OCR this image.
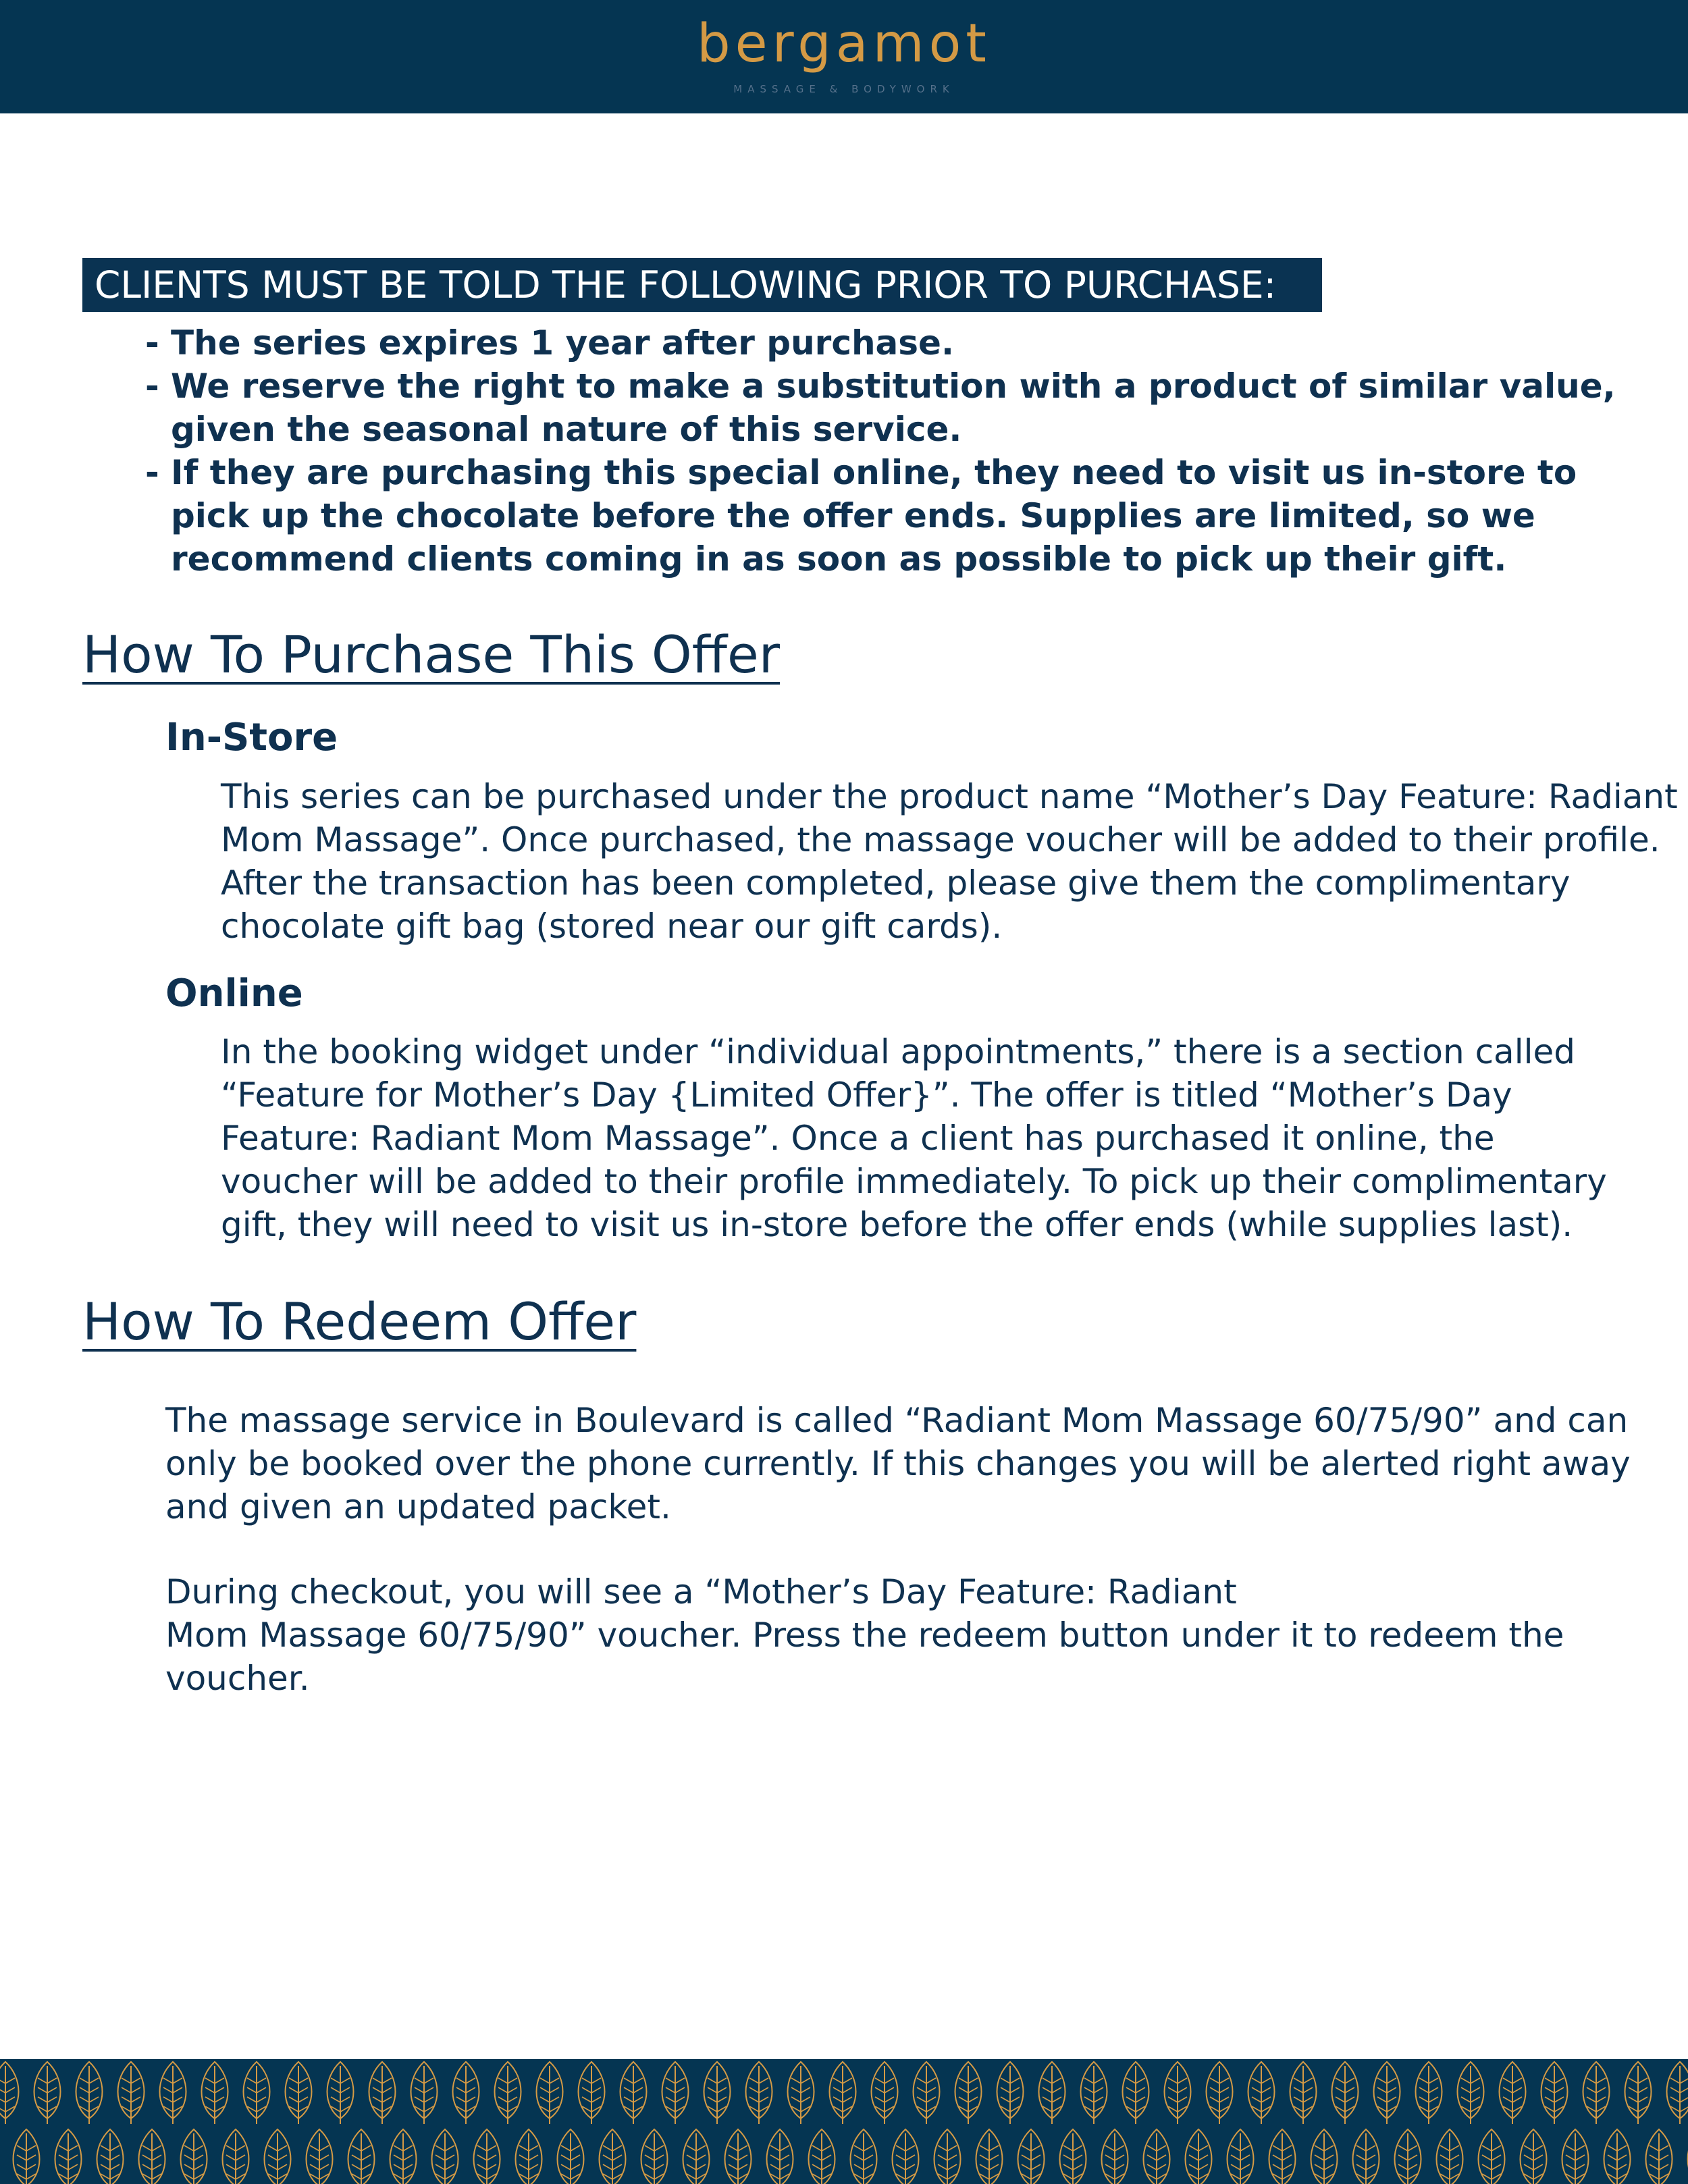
bergamot
MASSAGE & BODYWORK
CLIENTS MUST BE TOLD THE FOLLOWING PRIOR TO PURCHASE:
- The series expires 1 year after purchase.
- We reserve the right to make a substitution with a product of similar value, given the seasonal nature of this service.
- If they are purchasing this special online, they need to visit us in-store to pick up the chocolate before the offer ends. Supplies are limited, so we recommend clients coming in as soon as possible to pick up their gift.
How To Purchase This Offer
In-Store

This series can be purchased under the product name “Mother’s Day Feature: Radiant Mom Massage”. Once purchased, the massage voucher will be added to their profile. After the transaction has been completed, please give them the complimentary chocolate gift bag (stored near our gift cards).

Online

In the booking widget under “individual appointments,” there is a section called “Feature for Mother’s Day {Limited Offer}”. The offer is titled “Mother’s Day Feature: Radiant Mom Massage”. Once a client has purchased it online, the voucher will be added to their profile immediately. To pick up their complimentary gift, they will need to visit us in-store before the offer ends (while supplies last).

How To Redeem Offer

The massage service in Boulevard is called “Radiant Mom Massage 60/75/90” and can only be booked over the phone currently. If this changes you will be alerted right away and given an updated packet.

During checkout, you will see a “Mother’s Day Feature: Radiant
Mom Massage 60/75/90” voucher. Press the redeem button under it to redeem the voucher.
